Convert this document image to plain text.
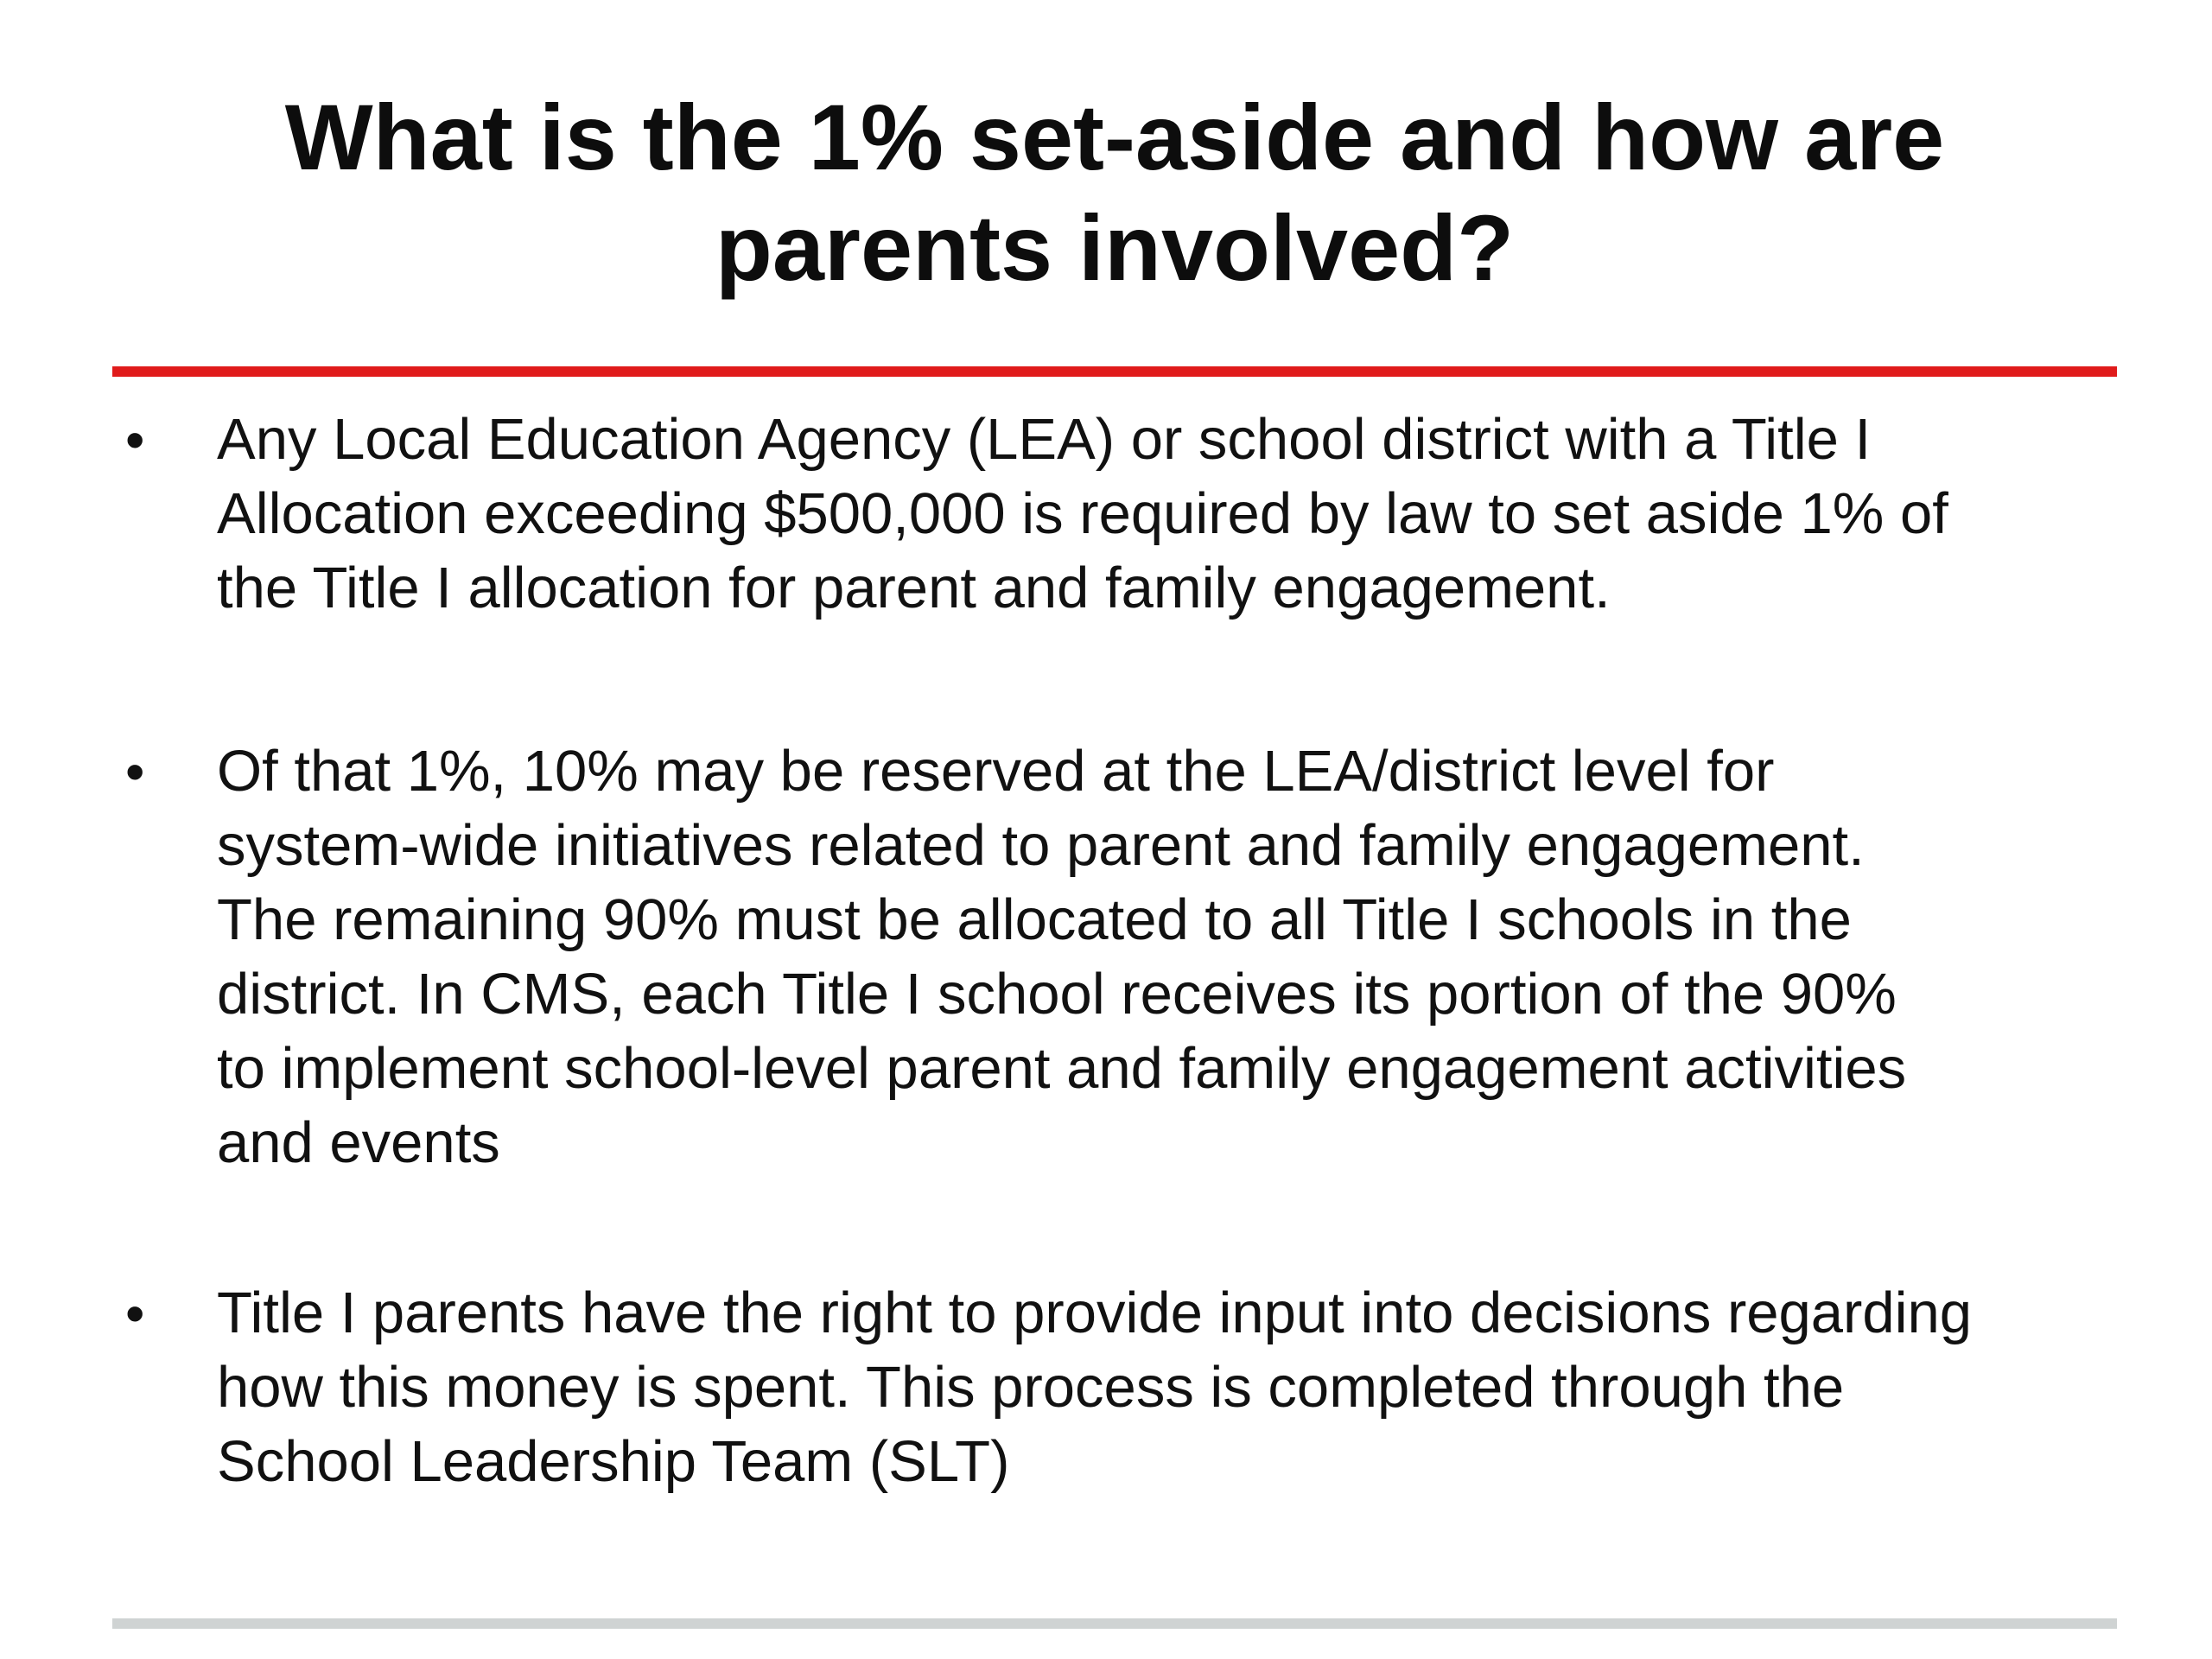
What is the 1% set-aside and how are
parents involved?
• Any Local Education Agency (LEA) or school district with a Title I
Allocation exceeding $500,000 is required by law to set aside 1% of
the Title I allocation for parent and family engagement.
• Of that 1%, 10% may be reserved at the LEA/district level for
system-wide initiatives related to parent and family engagement.
The remaining 90% must be allocated to all Title I schools in the
district. In CMS, each Title I school receives its portion of the 90%
to implement school-level parent and family engagement activities
and events
• Title I parents have the right to provide input into decisions regarding
how this money is spent. This process is completed through the
School Leadership Team (SLT)
